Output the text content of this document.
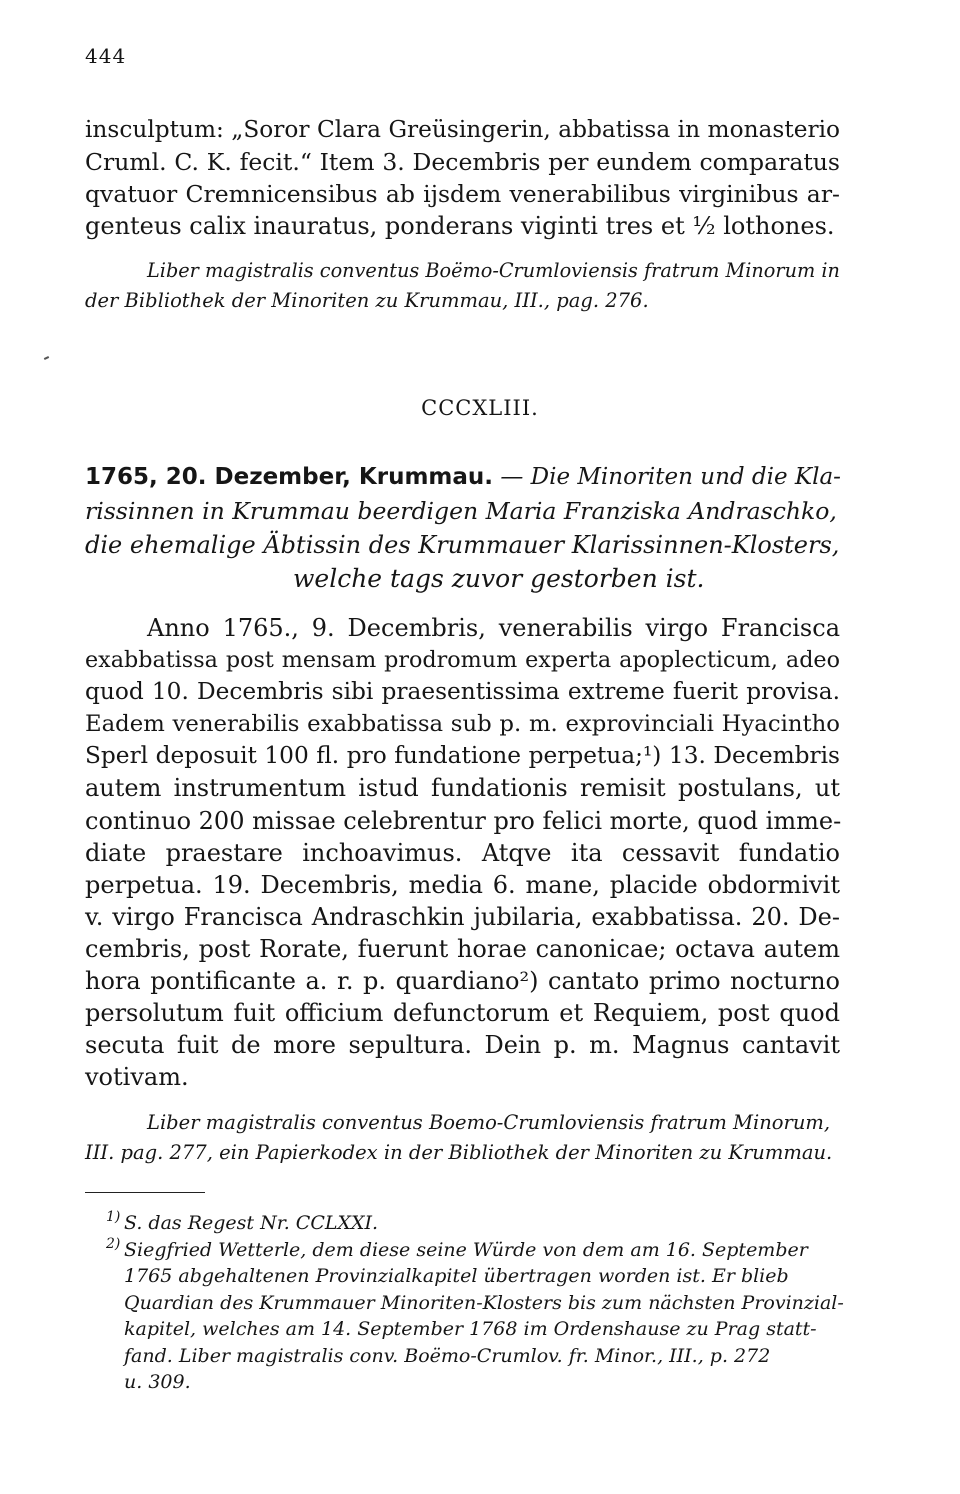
444
insculptum: „Soror Clara Greüsingerin, abbatissa in monasterio
Cruml. C. K. fecit.“ Item 3. Decembris per eundem comparatus
qvatuor Cremnicensibus ab ijsdem venerabilibus virginibus ar-
genteus calix inauratus, ponderans viginti tres et ½ lothones.
Liber magistralis conventus Boëmo-Crumloviensis fratrum Minorum in
der Bibliothek der Minoriten zu Krummau, III., pag. 276.
CCCXLIII.
1765, 20. Dezember, Krummau. — Die Minoriten und die Kla-
rissinnen in Krummau beerdigen Maria Franziska Andraschko,
die ehemalige Äbtissin des Krummauer Klarissinnen-Klosters,
welche tags zuvor gestorben ist.
Anno 1765., 9. Decembris, venerabilis virgo Francisca
exabbatissa post mensam prodromum experta apoplecticum, adeo
quod 10. Decembris sibi praesentissima extreme fuerit provisa.
Eadem venerabilis exabbatissa sub p. m. exprovinciali Hyacintho
Sperl deposuit 100 fl. pro fundatione perpetua;¹) 13. Decembris
autem instrumentum istud fundationis remisit postulans, ut
continuo 200 missae celebrentur pro felici morte, quod imme-
diate praestare inchoavimus. Atqve ita cessavit fundatio
perpetua. 19. Decembris, media 6. mane, placide obdormivit
v. virgo Francisca Andraschkin jubilaria, exabbatissa. 20. De-
cembris, post Rorate, fuerunt horae canonicae; octava autem
hora pontificante a. r. p. quardiano²) cantato primo nocturno
persolutum fuit officium defunctorum et Requiem, post quod
secuta fuit de more sepultura. Dein p. m. Magnus cantavit
votivam.
Liber magistralis conventus Boemo-Crumloviensis fratrum Minorum,
III. pag. 277, ein Papierkodex in der Bibliothek der Minoriten zu Krummau.
1) S. das Regest Nr. CCLXXI.
2) Siegfried Wetterle, dem diese seine Würde von dem am 16. September
1765 abgehaltenen Provinzialkapitel übertragen worden ist. Er blieb
Quardian des Krummauer Minoriten-Klosters bis zum nächsten Provinzial-
kapitel, welches am 14. September 1768 im Ordenshause zu Prag statt-
fand. Liber magistralis conv. Boëmo-Crumlov. fr. Minor., III., p. 272
u. 309.
